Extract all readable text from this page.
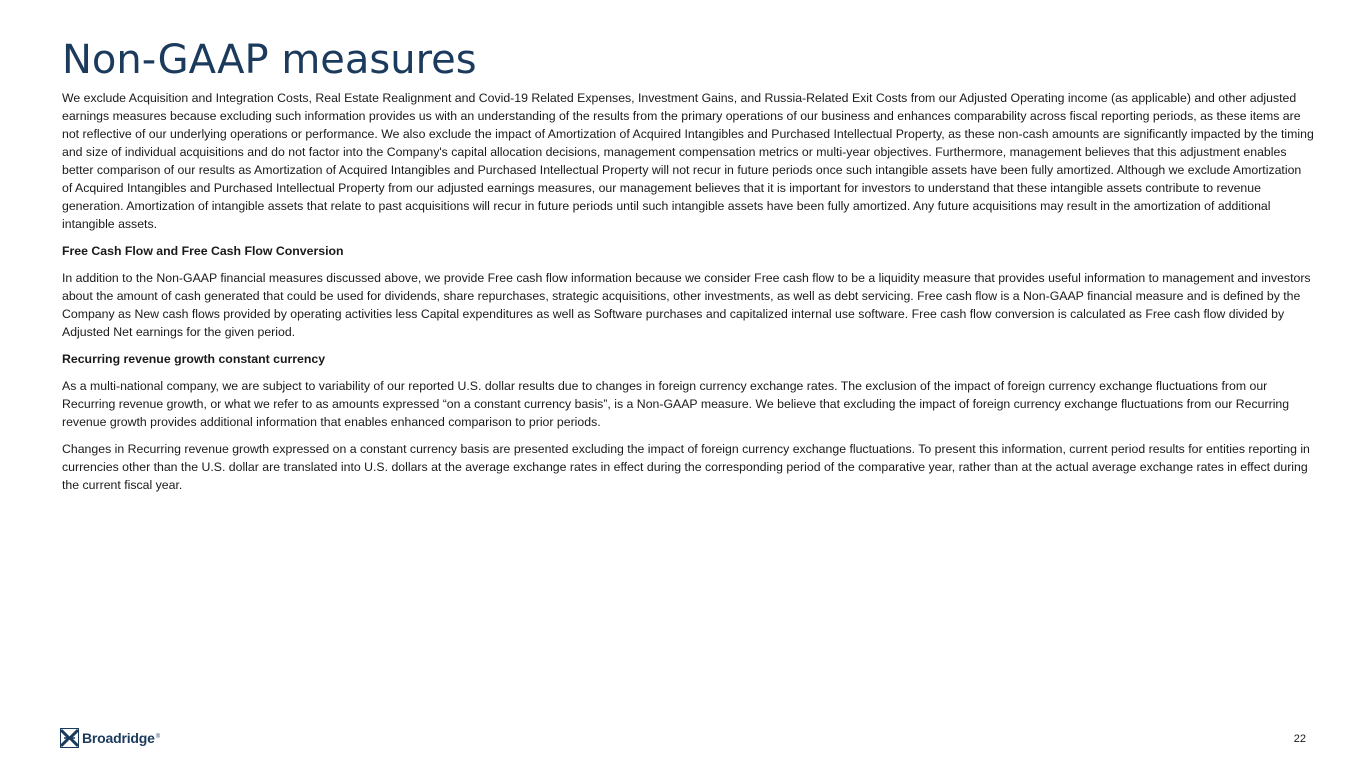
Non-GAAP measures

We exclude Acquisition and Integration Costs, Real Estate Realignment and Covid-19 Related Expenses, Investment Gains, and Russia-Related Exit Costs from our Adjusted Operating income (as applicable) and other adjusted earnings measures because excluding such information provides us with an understanding of the results from the primary operations of our business and enhances comparability across fiscal reporting periods, as these items are not reflective of our underlying operations or performance. We also exclude the impact of Amortization of Acquired Intangibles and Purchased Intellectual Property, as these non-cash amounts are significantly impacted by the timing and size of individual acquisitions and do not factor into the Company's capital allocation decisions, management compensation metrics or multi-year objectives. Furthermore, management believes that this adjustment enables better comparison of our results as Amortization of Acquired Intangibles and Purchased Intellectual Property will not recur in future periods once such intangible assets have been fully amortized. Although we exclude Amortization of Acquired Intangibles and Purchased Intellectual Property from our adjusted earnings measures, our management believes that it is important for investors to understand that these intangible assets contribute to revenue generation. Amortization of intangible assets that relate to past acquisitions will recur in future periods until such intangible assets have been fully amortized. Any future acquisitions may result in the amortization of additional intangible assets.

Free Cash Flow and Free Cash Flow Conversion

In addition to the Non-GAAP financial measures discussed above, we provide Free cash flow information because we consider Free cash flow to be a liquidity measure that provides useful information to management and investors about the amount of cash generated that could be used for dividends, share repurchases, strategic acquisitions, other investments, as well as debt servicing. Free cash flow is a Non-GAAP financial measure and is defined by the Company as New cash flows provided by operating activities less Capital expenditures as well as Software purchases and capitalized internal use software. Free cash flow conversion is calculated as Free cash flow divided by Adjusted Net earnings for the given period.

Recurring revenue growth constant currency

As a multi-national company, we are subject to variability of our reported U.S. dollar results due to changes in foreign currency exchange rates. The exclusion of the impact of foreign currency exchange fluctuations from our Recurring revenue growth, or what we refer to as amounts expressed “on a constant currency basis”, is a Non-GAAP measure. We believe that excluding the impact of foreign currency exchange fluctuations from our Recurring revenue growth provides additional information that enables enhanced comparison to prior periods.

Changes in Recurring revenue growth expressed on a constant currency basis are presented excluding the impact of foreign currency exchange fluctuations. To present this information, current period results for entities reporting in currencies other than the U.S. dollar are translated into U.S. dollars at the average exchange rates in effect during the corresponding period of the comparative year, rather than at the actual average exchange rates in effect during the current fiscal year.

Broadridge ®	22
